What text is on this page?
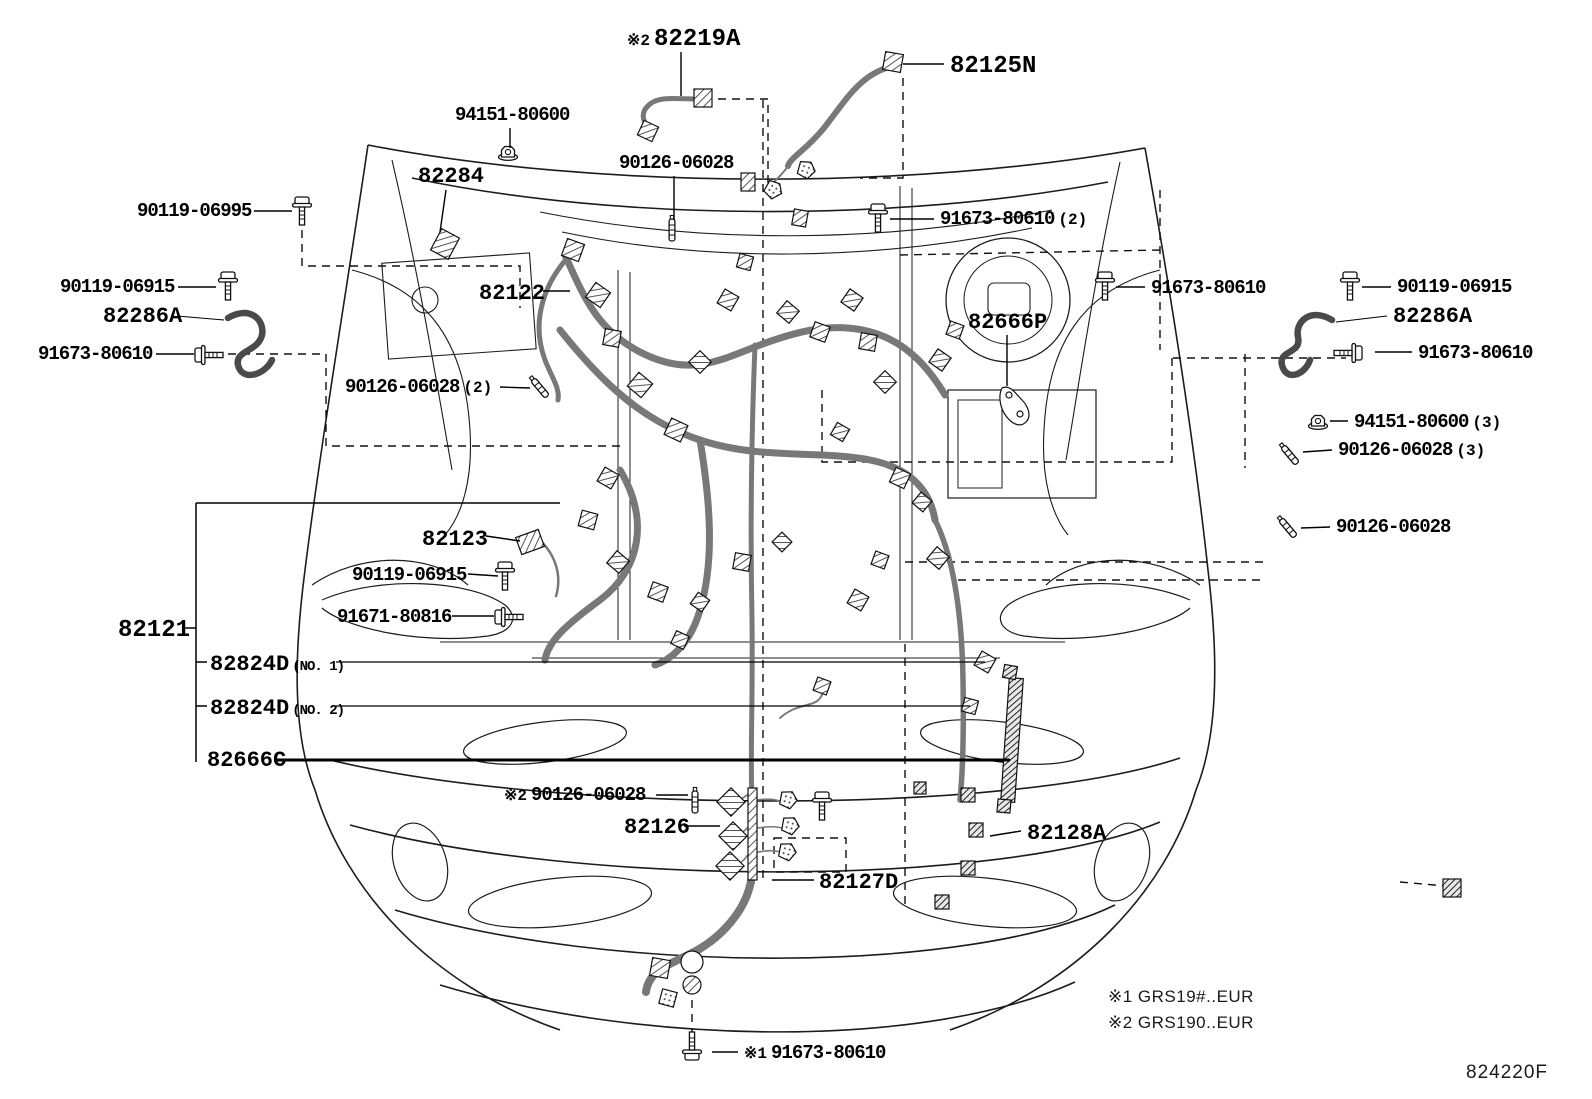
※2 82219A
82125N
94151-80600
90126-06028
82284
90119-06995	91673-80610 (2)
90119-06915
82286A
91673-80610
82122	91673-80610
82666P
90119-06915
82286A
91673-80610
90126-06028 (2)
94151-80600 (3)
90126-06028 (3)
90126-06028
82123
90119-06915
91671-80816
82121
82824D (NO. 1)
82824D (NO. 2)
82666C
※2 90126-06028
82126
82127D
82128A
※1 91673-80610
※1 GRS19#..EUR
※2 GRS190..EUR
824220F
